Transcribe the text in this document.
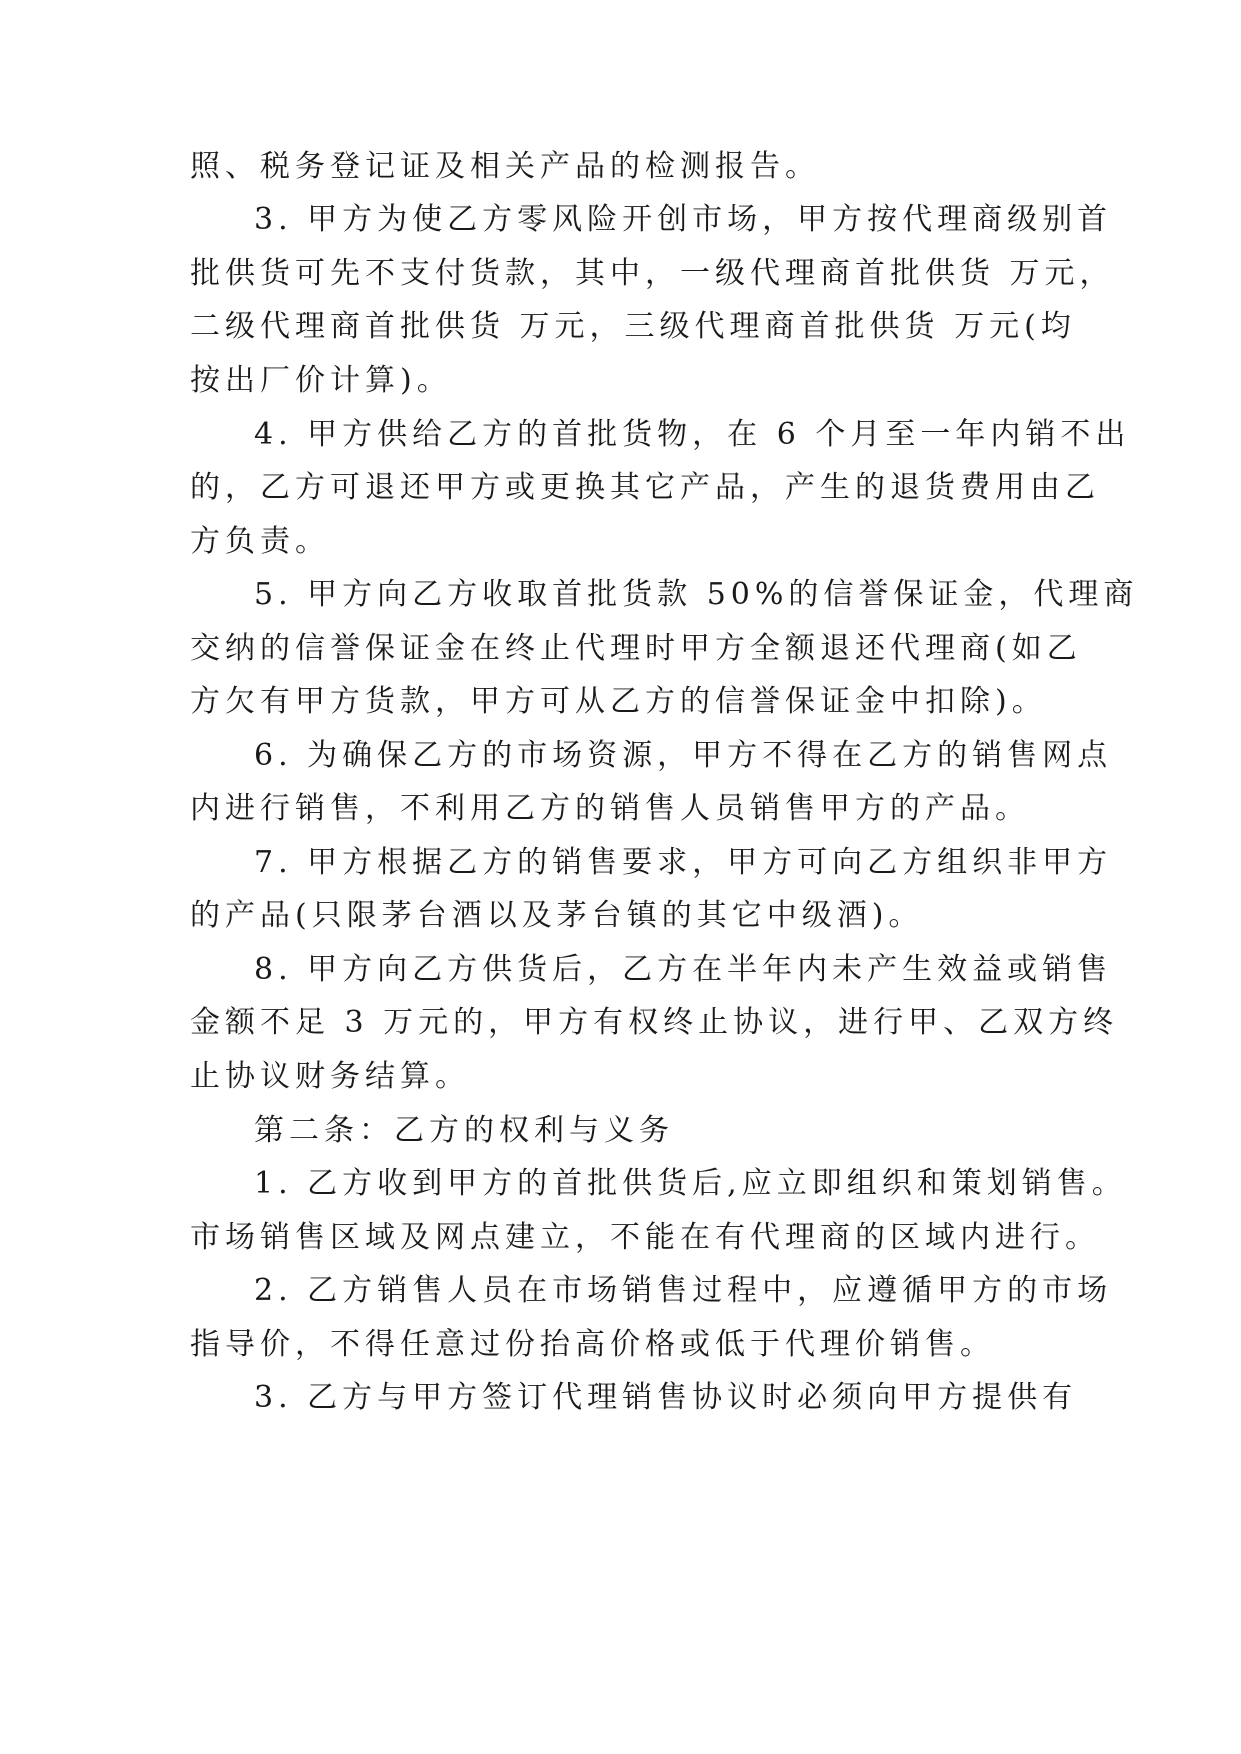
照、税务登记证及相关产品的检测报告。
3. 甲方为使乙方零风险开创市场，甲方按代理商级别首
批供货可先不支付货款，其中，一级代理商首批供货 万元，
二级代理商首批供货 万元，三级代理商首批供货 万元(均
按出厂价计算)。
4. 甲方供给乙方的首批货物，在 6 个月至一年内销不出
的，乙方可退还甲方或更换其它产品，产生的退货费用由乙
方负责。
5. 甲方向乙方收取首批货款 50%的信誉保证金，代理商
交纳的信誉保证金在终止代理时甲方全额退还代理商(如乙
方欠有甲方货款，甲方可从乙方的信誉保证金中扣除)。
6. 为确保乙方的市场资源，甲方不得在乙方的销售网点
内进行销售，不利用乙方的销售人员销售甲方的产品。
7. 甲方根据乙方的销售要求，甲方可向乙方组织非甲方
的产品(只限茅台酒以及茅台镇的其它中级酒)。
8. 甲方向乙方供货后，乙方在半年内未产生效益或销售
金额不足 3 万元的，甲方有权终止协议，进行甲、乙双方终
止协议财务结算。
第二条：乙方的权利与义务
1. 乙方收到甲方的首批供货后,应立即组织和策划销售。
市场销售区域及网点建立，不能在有代理商的区域内进行。
2. 乙方销售人员在市场销售过程中，应遵循甲方的市场
指导价，不得任意过份抬高价格或低于代理价销售。
3. 乙方与甲方签订代理销售协议时必须向甲方提供有
